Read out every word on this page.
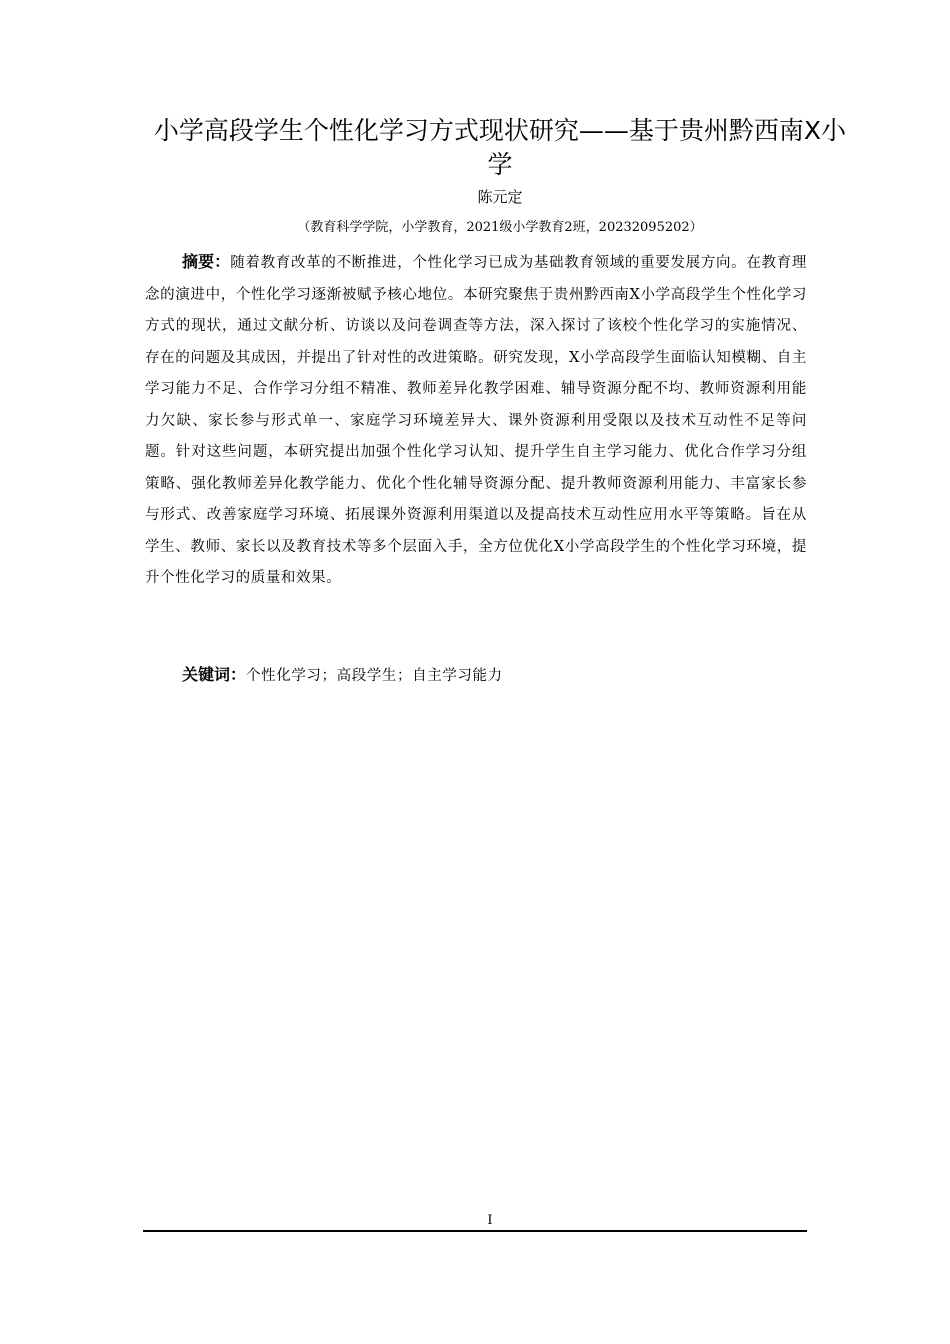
小学高段学生个性化学习方式现状研究——基于贵州黔西南Ⅹ小学
陈元定
（教育科学学院，小学教育，2021级小学教育2班，20232095202）
摘要：随着教育改革的不断推进，个性化学习已成为基础教育领域的重要发展方向。在教育理念的演进中，个性化学习逐渐被赋予核心地位。本研究聚焦于贵州黔西南Ⅹ小学高段学生个性化学习方式的现状，通过文献分析、访谈以及问卷调查等方法，深入探讨了该校个性化学习的实施情况、存在的问题及其成因，并提出了针对性的改进策略。研究发现，Ⅹ小学高段学生面临认知模糊、自主学习能力不足、合作学习分组不精准、教师差异化教学困难、辅导资源分配不均、教师资源利用能力欠缺、家长参与形式单一、家庭学习环境差异大、课外资源利用受限以及技术互动性不足等问题。针对这些问题，本研究提出加强个性化学习认知、提升学生自主学习能力、优化合作学习分组策略、强化教师差异化教学能力、优化个性化辅导资源分配、提升教师资源利用能力、丰富家长参与形式、改善家庭学习环境、拓展课外资源利用渠道以及提高技术互动性应用水平等策略。旨在从学生、教师、家长以及教育技术等多个层面入手，全方位优化Ⅹ小学高段学生的个性化学习环境，提升个性化学习的质量和效果。
关键词：个性化学习；高段学生；自主学习能力
I
